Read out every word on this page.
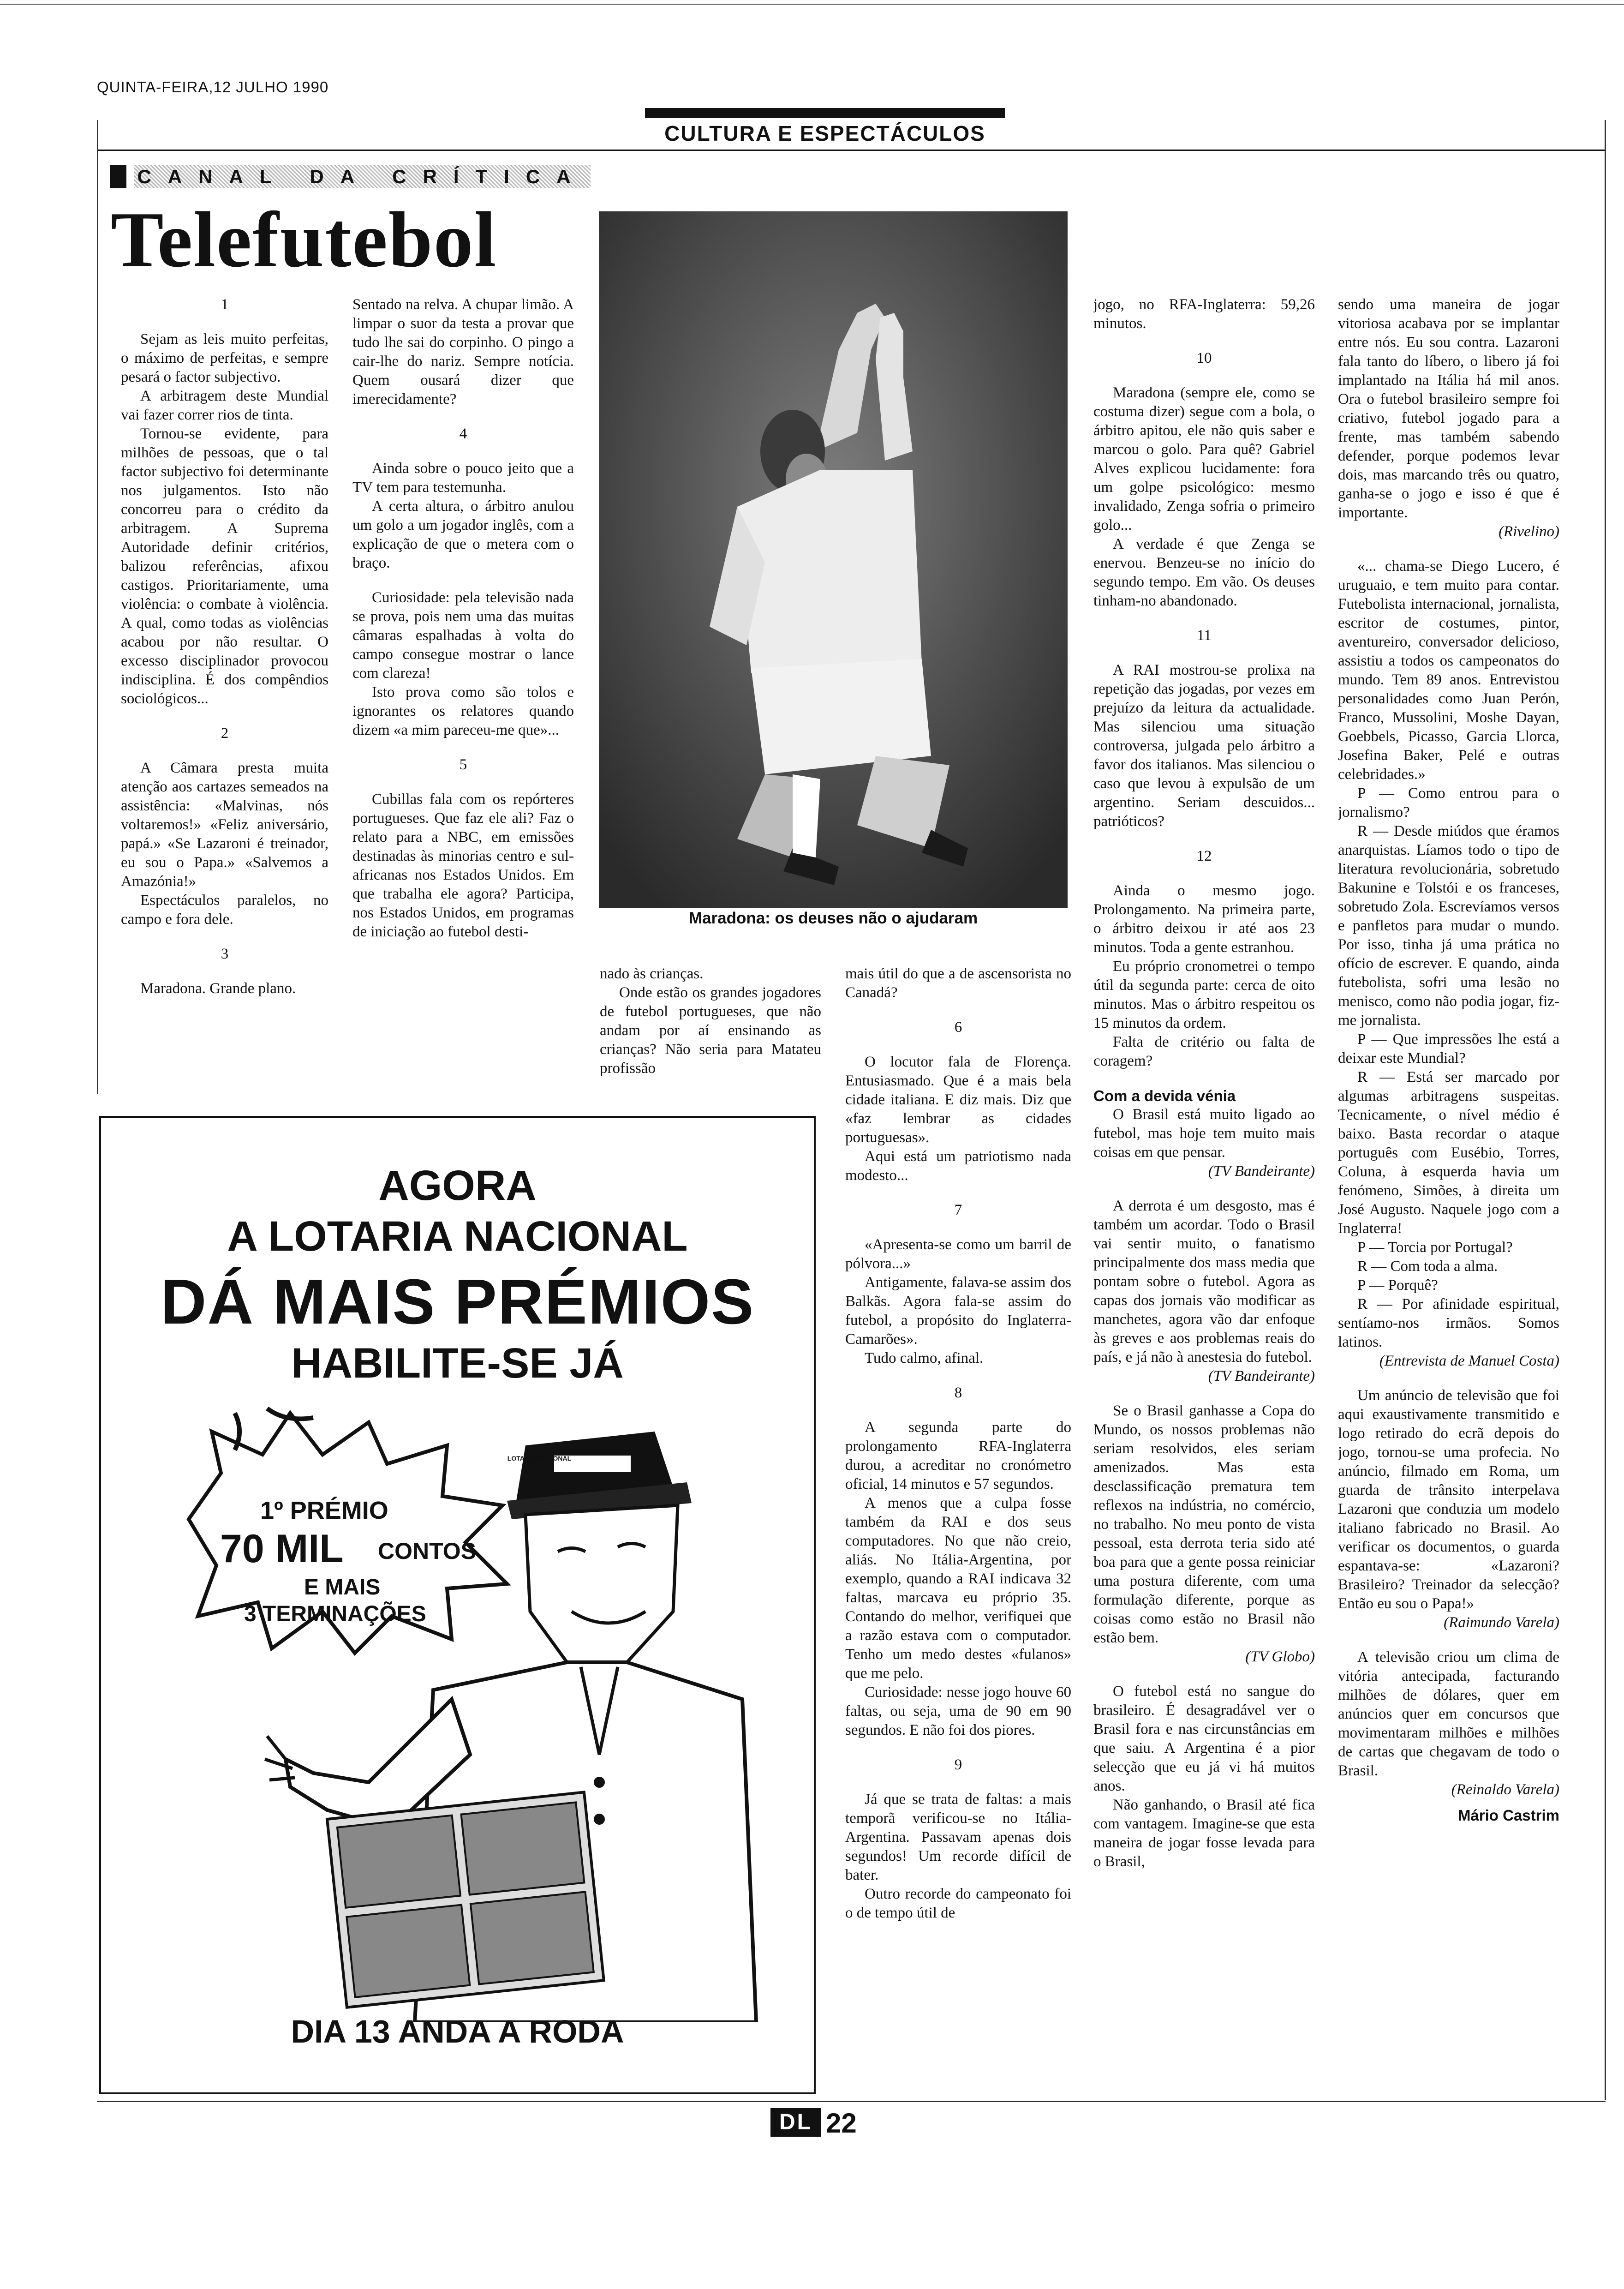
QUINTA-FEIRA,12 JULHO 1990
CULTURA E ESPECTÁCULOS
CANAL DA CRÍTICA
Telefutebol
Maradona: os deuses não o ajudaram

1

Sejam as leis muito perfeitas, o máximo de perfeitas, e sempre pesará o factor subjectivo.

A arbitragem deste Mundial vai fazer correr rios de tinta.

Tornou-se evidente, para milhões de pessoas, que o tal factor subjectivo foi determinante nos julgamentos. Isto não concorreu para o crédito da arbitragem. A Suprema Autoridade definir critérios, balizou referências, afixou castigos. Prioritariamente, uma violência: o combate à violência. A qual, como todas as violências acabou por não resultar. O excesso disciplinador provocou indisciplina. É dos compêndios sociológicos...

2

A Câmara presta muita atenção aos cartazes semeados na assistência: «Malvinas, nós voltaremos!» «Feliz aniversário, papá.» «Se Lazaroni é treinador, eu sou o Papa.» «Salvemos a Amazónia!»

Espectáculos paralelos, no campo e fora dele.

3

Maradona. Grande plano.

Sentado na relva. A chupar limão. A limpar o suor da testa a provar que tudo lhe sai do corpinho. O pingo a cair-lhe do nariz. Sempre notícia. Quem ousará dizer que imerecidamente?

4

Ainda sobre o pouco jeito que a TV tem para testemunha.

A certa altura, o árbitro anulou um golo a um jogador inglês, com a explicação de que o metera com o braço.

Curiosidade: pela televisão nada se prova, pois nem uma das muitas câmaras espalhadas à volta do campo consegue mostrar o lance com clareza!

Isto prova como são tolos e ignorantes os relatores quando dizem «a mim pareceu-me que»...

5

Cubillas fala com os repórteres portugueses. Que faz ele ali? Faz o relato para a NBC, em emissões destinadas às minorias centro e sul-africanas nos Estados Unidos. Em que trabalha ele agora? Participa, nos Estados Unidos, em programas de iniciação ao futebol desti-

nado às crianças.

Onde estão os grandes jogadores de futebol portugueses, que não andam por aí ensinando as crianças? Não seria para Matateu profissão

mais útil do que a de ascensorista no Canadá?

6

O locutor fala de Florença. Entusiasmado. Que é a mais bela cidade italiana. E diz mais. Diz que «faz lembrar as cidades portuguesas».

Aqui está um patriotismo nada modesto...

7

«Apresenta-se como um barril de pólvora...»

Antigamente, falava-se assim dos Balkãs. Agora fala-se assim do futebol, a propósito do Inglaterra-Camarões».

Tudo calmo, afinal.

8

A segunda parte do prolongamento RFA-Inglaterra durou, a acreditar no cronómetro oficial, 14 minutos e 57 segundos.

A menos que a culpa fosse também da RAI e dos seus computadores. No que não creio, aliás. No Itália-Argentina, por exemplo, quando a RAI indicava 32 faltas, marcava eu próprio 35. Contando do melhor, verifiquei que a razão estava com o computador. Tenho um medo destes «fulanos» que me pelo.

Curiosidade: nesse jogo houve 60 faltas, ou seja, uma de 90 em 90 segundos. E não foi dos piores.

9

Já que se trata de faltas: a mais temporã verificou-se no Itália-Argentina. Passavam apenas dois segundos! Um recorde difícil de bater.

Outro recorde do campeonato foi o de tempo útil de

jogo, no RFA-Inglaterra: 59,26 minutos.

10

Maradona (sempre ele, como se costuma dizer) segue com a bola, o árbitro apitou, ele não quis saber e marcou o golo. Para quê? Gabriel Alves explicou lucidamente: fora um golpe psicológico: mesmo invalidado, Zenga sofria o primeiro golo...

A verdade é que Zenga se enervou. Benzeu-se no início do segundo tempo. Em vão. Os deuses tinham-no abandonado.

11

A RAI mostrou-se prolixa na repetição das jogadas, por vezes em prejuízo da leitura da actualidade. Mas silenciou uma situação controversa, julgada pelo árbitro a favor dos italianos. Mas silenciou o caso que levou à expulsão de um argentino. Seriam descuidos... patrióticos?

12

Ainda o mesmo jogo. Prolongamento. Na primeira parte, o árbitro deixou ir até aos 23 minutos. Toda a gente estranhou.

Eu próprio cronometrei o tempo útil da segunda parte: cerca de oito minutos. Mas o árbitro respeitou os 15 minutos da ordem.

Falta de critério ou falta de coragem?

Com a devida vénia

O Brasil está muito ligado ao futebol, mas hoje tem muito mais coisas em que pensar.

(TV Bandeirante)

A derrota é um desgosto, mas é também um acordar. Todo o Brasil vai sentir muito, o fanatismo principalmente dos mass media que pontam sobre o futebol. Agora as capas dos jornais vão modificar as manchetes, agora vão dar enfoque às greves e aos problemas reais do país, e já não à anestesia do futebol.

(TV Bandeirante)

Se o Brasil ganhasse a Copa do Mundo, os nossos problemas não seriam resolvidos, eles seriam amenizados. Mas esta desclassificação prematura tem reflexos na indústria, no comércio, no trabalho. No meu ponto de vista pessoal, esta derrota teria sido até boa para que a gente possa reiniciar uma postura diferente, com uma formulação diferente, porque as coisas como estão no Brasil não estão bem.

(TV Globo)

O futebol está no sangue do brasileiro. É desagradável ver o Brasil fora e nas circunstâncias em que saiu. A Argentina é a pior selecção que eu já vi há muitos anos.

Não ganhando, o Brasil até fica com vantagem. Imagine-se que esta maneira de jogar fosse levada para o Brasil,

sendo uma maneira de jogar vitoriosa acabava por se implantar entre nós. Eu sou contra. Lazaroni fala tanto do líbero, o libero já foi implantado na Itália há mil anos. Ora o futebol brasileiro sempre foi criativo, futebol jogado para a frente, mas também sabendo defender, porque podemos levar dois, mas marcando três ou quatro, ganha-se o jogo e isso é que é importante.

(Rivelino)

«... chama-se Diego Lucero, é uruguaio, e tem muito para contar. Futebolista internacional, jornalista, escritor de costumes, pintor, aventureiro, conversador delicioso, assistiu a todos os campeonatos do mundo. Tem 89 anos. Entrevistou personalidades como Juan Perón, Franco, Mussolini, Moshe Dayan, Goebbels, Picasso, Garcia Llorca, Josefina Baker, Pelé e outras celebridades.»

P — Como entrou para o jornalismo?

R — Desde miúdos que éramos anarquistas. Líamos todo o tipo de literatura revolucionária, sobretudo Bakunine e Tolstói e os franceses, sobretudo Zola. Escrevíamos versos e panfletos para mudar o mundo. Por isso, tinha já uma prática no ofício de escrever. E quando, ainda futebolista, sofri uma lesão no menisco, como não podia jogar, fiz-me jornalista.

P — Que impressões lhe está a deixar este Mundial?

R — Está ser marcado por algumas arbitragens suspeitas. Tecnicamente, o nível médio é baixo. Basta recordar o ataque português com Eusébio, Torres, Coluna, à esquerda havia um fenómeno, Simões, à direita um José Augusto. Naquele jogo com a Inglaterra!

P — Torcia por Portugal?

R — Com toda a alma.

P — Porquê?

R — Por afinidade espiritual, sentíamo-nos irmãos. Somos latinos.

(Entrevista de Manuel Costa)

Um anúncio de televisão que foi aqui exaustivamente transmitido e logo retirado do ecrã depois do jogo, tornou-se uma profecia. No anúncio, filmado em Roma, um guarda de trânsito interpelava Lazaroni que conduzia um modelo italiano fabricado no Brasil. Ao verificar os documentos, o guarda espantava-se: «Lazaroni? Brasileiro? Treinador da selecção? Então eu sou o Papa!»

(Raimundo Varela)

A televisão criou um clima de vitória antecipada, facturando milhões de dólares, quer em anúncios quer em concursos que movimentaram milhões e milhões de cartas que chegavam de todo o Brasil.

(Reinaldo Varela)

Mário Castrim

AGORA
A LOTARIA NACIONAL
DÁ MAIS PRÉMIOS
HABILITE-SE JÁ
1º PRÉMIO
70 MIL CONTOS
E MAIS
3 TERMINAÇÕES
LOTARIA NACIONAL
DIA 13 ANDA A RODA
DL 22
